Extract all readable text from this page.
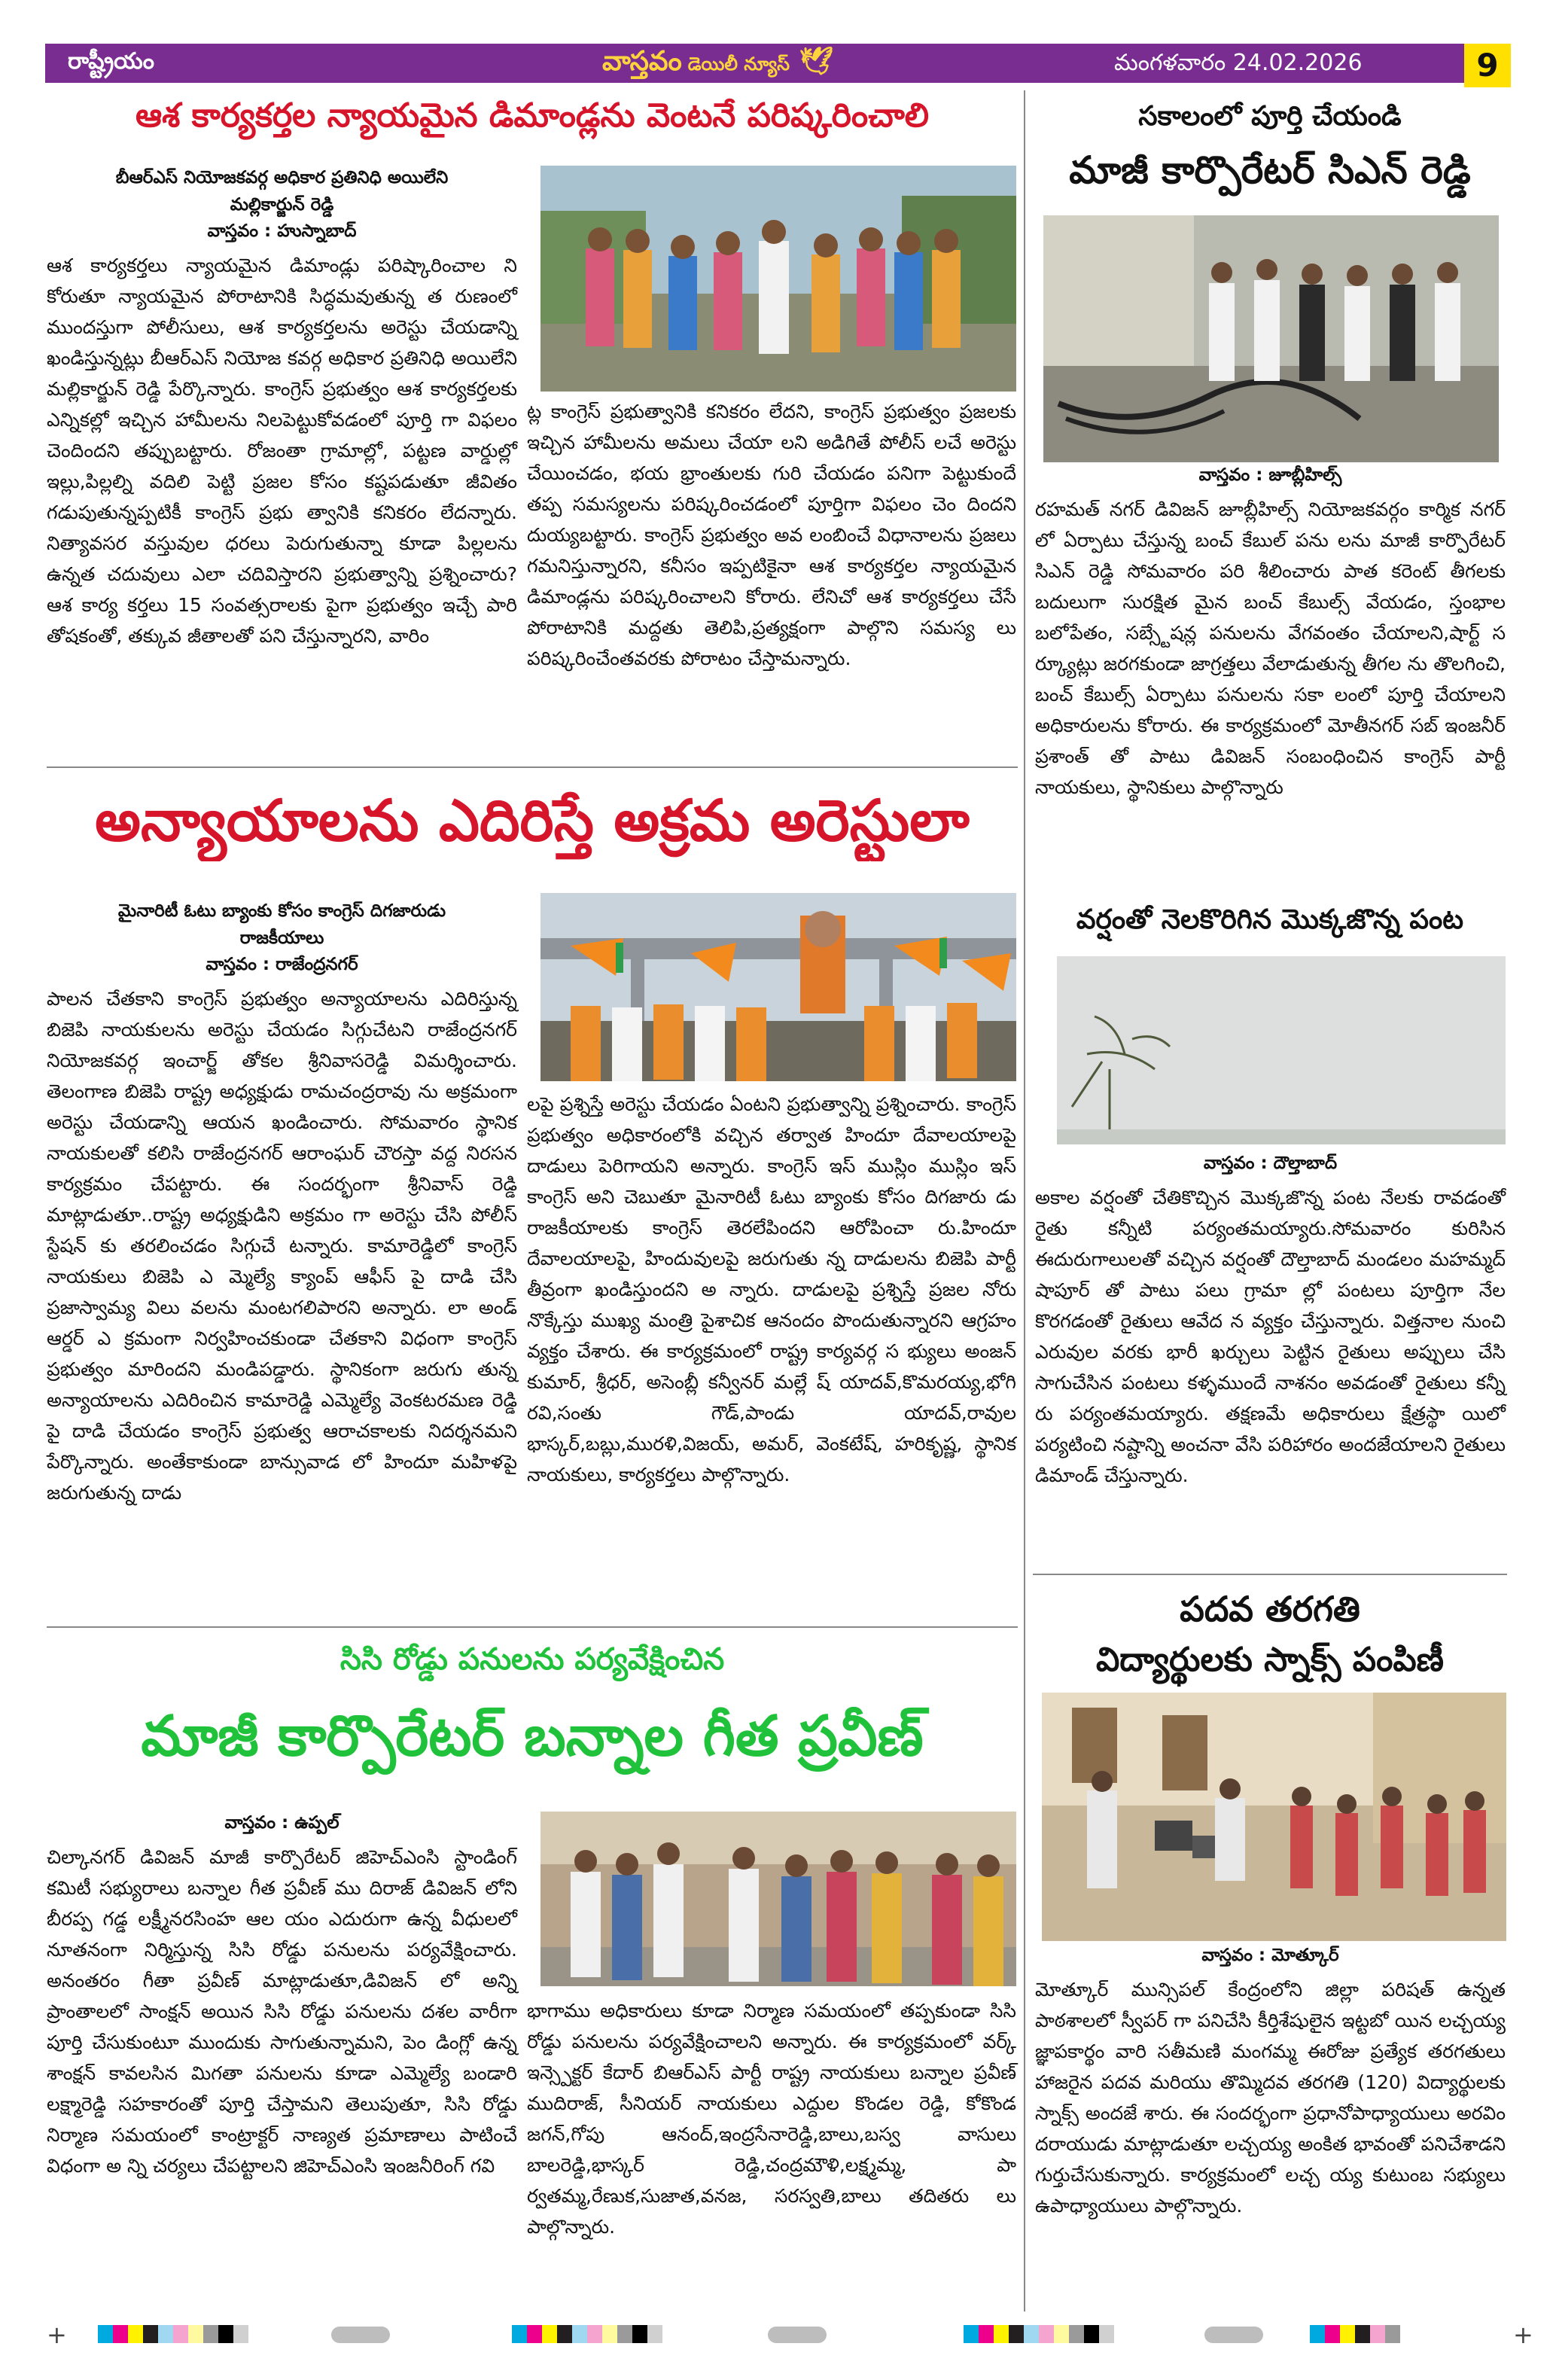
రాష్ట్రీయం	వాస్తవం డెయిలీ న్యూస్ 🕊	మంగళవారం 24.02.2026	9
ఆశ కార్యకర్తల న్యాయమైన డిమాండ్లను వెంటనే పరిష్కరించాలి
బీఆర్ఎస్ నియోజకవర్గ అధికార ప్రతినిధి అయిలేని మల్లికార్జున్ రెడ్డి
వాస్తవం : హుస్నాబాద్
ఆశ కార్యకర్తలు న్యాయమైన డిమాండ్లు పరిష్కారించాల ని కోరుతూ న్యాయమైన పోరాటానికి సిద్ధమవుతున్న త రుణంలో ముందస్తుగా పోలీసులు, ఆశ కార్యకర్తలను అరెస్టు చేయడాన్ని ఖండిస్తున్నట్లు బీఆర్ఎస్ నియోజ కవర్గ అధికార ప్రతినిధి అయిలేని మల్లికార్జున్ రెడ్డి పేర్కొన్నారు. కాంగ్రెస్ ప్రభుత్వం ఆశ కార్యకర్తలకు ఎన్నికల్లో ఇచ్చిన హామీలను నిలపెట్టుకోవడంలో పూర్తి గా విఫలం చెందిందని తప్పుబట్టారు. రోజంతా గ్రామాల్లో, పట్టణ వార్డుల్లో ఇల్లు,పిల్లల్ని వదిలి పెట్టి ప్రజల కోసం కష్టపడుతూ జీవితం గడుపుతున్నప్పటికీ కాంగ్రెస్ ప్రభు త్వానికి కనికరం లేదన్నారు. నిత్యావసర వస్తువుల ధరలు పెరుగుతున్నా కూడా పిల్లలను ఉన్నత చదువులు ఎలా చదివిస్తారని ప్రభుత్వాన్ని ప్రశ్నించారు? ఆశ కార్య కర్తలు 15 సంవత్సరాలకు పైగా ప్రభుత్వం ఇచ్చే పారి తోషకంతో, తక్కువ జీతాలతో పని చేస్తున్నారని, వారిం
ట్ల కాంగ్రెస్ ప్రభుత్వానికి కనికరం లేదని, కాంగ్రెస్ ప్రభుత్వం ప్రజలకు ఇచ్చిన హామీలను అమలు చేయా లని అడిగితే పోలీస్ లచే అరెస్టు చేయించడం, భయ భ్రాంతులకు గురి చేయడం పనిగా పెట్టుకుందే తప్ప సమస్యలను పరిష్కరించడంలో పూర్తిగా విఫలం చెం దిందని దుయ్యబట్టారు. కాంగ్రెస్ ప్రభుత్వం అవ లంబించే విధానాలను ప్రజలు గమనిస్తున్నారని, కనీసం ఇప్పటికైనా ఆశ కార్యకర్తల న్యాయమైన డిమాండ్లను పరిష్కరించాలని కోరారు. లేనిచో ఆశ కార్యకర్తలు చేసే పోరాటానికి మద్దతు తెలిపి,ప్రత్యక్షంగా పాల్గొని సమస్య లు పరిష్కరించేంతవరకు పోరాటం చేస్తామన్నారు.
అన్యాయాలను ఎదిరిస్తే అక్రమ అరెస్టులా
మైనారిటీ ఓటు బ్యాంకు కోసం కాంగ్రెస్ దిగజారుడు రాజకీయాలు
వాస్తవం : రాజేంద్రనగర్
పాలన చేతకాని కాంగ్రెస్ ప్రభుత్వం అన్యాయాలను ఎదిరిస్తున్న బిజెపి నాయకులను అరెస్టు చేయడం సిగ్గుచేటని రాజేంద్రనగర్ నియోజకవర్గ ఇంచార్జ్ తోకల శ్రీనివాసరెడ్డి విమర్శించారు. తెలంగాణ బిజెపి రాష్ట్ర అధ్యక్షుడు రామచంద్రరావు ను అక్రమంగా అరెస్టు చేయడాన్ని ఆయన ఖండించారు. సోమవారం స్థానిక నాయకులతో కలిసి రాజేంద్రనగర్ ఆరాంఘర్ చౌరస్తా వద్ద నిరసన కార్యక్రమం చేపట్టారు. ఈ సందర్భంగా శ్రీనివాస్ రెడ్డి మాట్లాడుతూ..రాష్ట్ర అధ్యక్షుడిని అక్రమం గా అరెస్టు చేసి పోలీస్ స్టేషన్ కు తరలించడం సిగ్గుచే టన్నారు. కామారెడ్డిలో కాంగ్రెస్ నాయకులు బిజెపి ఎ మ్మెల్యే క్యాంప్ ఆఫీస్ పై దాడి చేసి ప్రజాస్వామ్య విలు వలను మంటగలిపారని అన్నారు. లా అండ్ ఆర్డర్ ఎ క్రమంగా నిర్వహించకుండా చేతకాని విధంగా కాంగ్రెస్ ప్రభుత్వం మారిందని మండిపడ్డారు. స్థానికంగా జరుగు తున్న అన్యాయాలను ఎదిరించిన కామారెడ్డి ఎమ్మెల్యే వెంకటరమణ రెడ్డి పై దాడి చేయడం కాంగ్రెస్ ప్రభుత్వ ఆరాచకాలకు నిదర్శనమని పేర్కొన్నారు. అంతేకాకుండా బాన్సువాడ లో హిందూ మహిళపై జరుగుతున్న దాడు
లపై ప్రశ్నిస్తే అరెస్టు చేయడం ఏంటని ప్రభుత్వాన్ని ప్రశ్నించారు. కాంగ్రెస్ ప్రభుత్వం అధికారంలోకి వచ్చిన తర్వాత హిందూ దేవాలయాలపై దాడులు పెరిగాయని అన్నారు. కాంగ్రెస్ ఇస్ ముస్లిం ముస్లిం ఇస్ కాంగ్రెస్ అని చెబుతూ మైనారిటీ ఓటు బ్యాంకు కోసం దిగజారు డు రాజకీయాలకు కాంగ్రెస్ తెరలేపిందని ఆరోపించా రు.హిందూ దేవాలయాలపై, హిందువులపై జరుగుతు న్న దాడులను బిజెపి పార్టీ తీవ్రంగా ఖండిస్తుందని అ న్నారు. దాడులపై ప్రశ్నిస్తే ప్రజల నోరు నొక్కేస్తు ముఖ్య మంత్రి పైశాచిక ఆనందం పొందుతున్నారని ఆగ్రహం వ్యక్తం చేశారు. ఈ కార్యక్రమంలో రాష్ట్ర కార్యవర్గ స భ్యులు అంజన్ కుమార్, శ్రీధర్, అసెంబ్లీ కన్వీనర్ మల్లే ష్ యాదవ్,కొమరయ్య,భోగి రవి,సంతు గౌడ్,పాండు యాదవ్,రావుల భాస్కర్,బబ్లు,మురళి,విజయ్, అమర్, వెంకటేష్, హరికృష్ణ, స్థానిక నాయకులు, కార్యకర్తలు పాల్గొన్నారు.
సిసి రోడ్డు పనులను పర్యవేక్షించిన
మాజీ కార్పొరేటర్ బన్నాల గీత ప్రవీణ్
వాస్తవం : ఉప్పల్
చిల్కానగర్ డివిజన్ మాజీ కార్పొరేటర్ జిహెచ్ఎంసి స్టాండింగ్ కమిటీ సభ్యురాలు బన్నాల గీత ప్రవీణ్ ము దిరాజ్ డివిజన్ లోని బీరప్ప గడ్డ లక్ష్మీనరసింహ ఆల యం ఎదురుగా ఉన్న వీధులలో నూతనంగా నిర్మిస్తున్న సిసి రోడ్డు పనులను పర్యవేక్షించారు. అనంతరం గీతా ప్రవీణ్ మాట్లాడుతూ,డివిజన్ లో అన్ని ప్రాంతాలలో సాంక్షన్ అయిన సిసి రోడ్డు పనులను దశల వారీగా పూర్తి చేసుకుంటూ ముందుకు సాగుతున్నామని, పెం డింగ్లో ఉన్న శాంక్షన్ కావలసిన మిగతా పనులను కూడా ఎమ్మెల్యే బండారి లక్ష్మారెడ్డి సహకారంతో పూర్తి చేస్తామని తెలుపుతూ, సిసి రోడ్డు నిర్మాణ సమయంలో కాంట్రాక్టర్ నాణ్యత ప్రమాణాలు పాటించే విధంగా అ న్ని చర్యలు చేపట్టాలని జిహెచ్ఎంసి ఇంజనీరింగ్ గవి
భాగాము అధికారులు కూడా నిర్మాణ సమయంలో తప్పకుండా సిసి రోడ్డు పనులను పర్యవేక్షించాలని అన్నారు. ఈ కార్యక్రమంలో వర్క్ ఇన్స్పెక్టర్ కేదార్ బిఆర్ఎస్ పార్టీ రాష్ట్ర నాయకులు బన్నాల ప్రవీణ్ ముదిరాజ్, సీనియర్ నాయకులు ఎద్దుల కొండల రెడ్డి, కోకొండ జగన్,గోపు ఆనంద్,ఇంద్రసేనారెడ్డి,బాలు,బస్వ వాసులు బాలరెడ్డి,భాస్కర్ రెడ్డి,చంద్రమౌళి,లక్ష్మమ్మ, పా ర్వతమ్మ,రేణుక,సుజాత,వనజ, సరస్వతి,బాలు తదితరు లు పాల్గొన్నారు.
సకాలంలో పూర్తి చేయండి
మాజీ కార్పొరేటర్ సిఎన్ రెడ్డి
వాస్తవం : జూబ్లీహిల్స్
రహమత్ నగర్ డివిజన్ జూబ్లీహిల్స్ నియోజకవర్గం కార్మిక నగర్ లో ఏర్పాటు చేస్తున్న బంచ్ కేబుల్ పను లను మాజీ కార్పొరేటర్ సిఎన్ రెడ్డి సోమవారం పరి శీలించారు పాత కరెంట్ తీగలకు బదులుగా సురక్షిత మైన బంచ్ కేబుల్స్ వేయడం, స్తంభాల బలోపేతం, సబ్స్టేషన్ల పనులను వేగవంతం చేయాలని,షార్ట్ స ర్క్యూట్లు జరగకుండా జాగ్రత్తలు వేలాడుతున్న తీగల ను తొలగించి, బంచ్ కేబుల్స్ ఏర్పాటు పనులను సకా లంలో పూర్తి చేయాలని అధికారులను కోరారు. ఈ కార్యక్రమంలో మోతీనగర్ సబ్ ఇంజనీర్ ప్రశాంత్ తో పాటు డివిజన్ సంబంధించిన కాంగ్రెస్ పార్టీ నాయకులు, స్థానికులు పాల్గొన్నారు
వర్షంతో నెలకొరిగిన మొక్కజొన్న పంట
వాస్తవం : దౌల్తాబాద్
అకాల వర్షంతో చేతికొచ్చిన మొక్కజొన్న పంట నేలకు రావడంతో రైతు కన్నీటి పర్యంతమయ్యారు.సోమవారం కురిసిన ఈదురుగాలులతో వచ్చిన వర్షంతో దౌల్తాబాద్ మండలం మహమ్మద్ షాపూర్ తో పాటు పలు గ్రామా ల్లో పంటలు పూర్తిగా నేల కొరగడంతో రైతులు ఆవేద న వ్యక్తం చేస్తున్నారు. విత్తనాల నుంచి ఎరువుల వరకు భారీ ఖర్చులు పెట్టిన రైతులు అప్పులు చేసి సాగుచేసిన పంటలు కళ్ళముందే నాశనం అవడంతో రైతులు కన్నీ రు పర్యంతమయ్యారు. తక్షణమే అధికారులు క్షేత్రస్థా యిలో పర్యటించి నష్టాన్ని అంచనా వేసి పరిహారం అందజేయాలని రైతులు డిమాండ్ చేస్తున్నారు.
పదవ తరగతి
విద్యార్థులకు స్నాక్స్ పంపిణీ
వాస్తవం : మోత్కూర్
మోత్కూర్ మున్సిపల్ కేంద్రంలోని జిల్లా పరిషత్ ఉన్నత పాఠశాలలో స్వీపర్ గా పనిచేసి కీర్తిశేషులైన ఇట్టబో యిన లచ్చయ్య జ్ఞాపకార్థం వారి సతీమణి మంగమ్మ ఈరోజు ప్రత్యేక తరగతులు హాజరైన పదవ మరియు తొమ్మిదవ తరగతి (120) విద్యార్థులకు స్నాక్స్ అందజే శారు. ఈ సందర్భంగా ప్రధానోపాధ్యాయులు అరవిం దరాయుడు మాట్లాడుతూ లచ్చయ్య అంకిత భావంతో పనిచేశాడని గుర్తుచేసుకున్నారు. కార్యక్రమంలో లచ్చ య్య కుటుంబ సభ్యులు ఉపాధ్యాయులు పాల్గొన్నారు.
+	+
